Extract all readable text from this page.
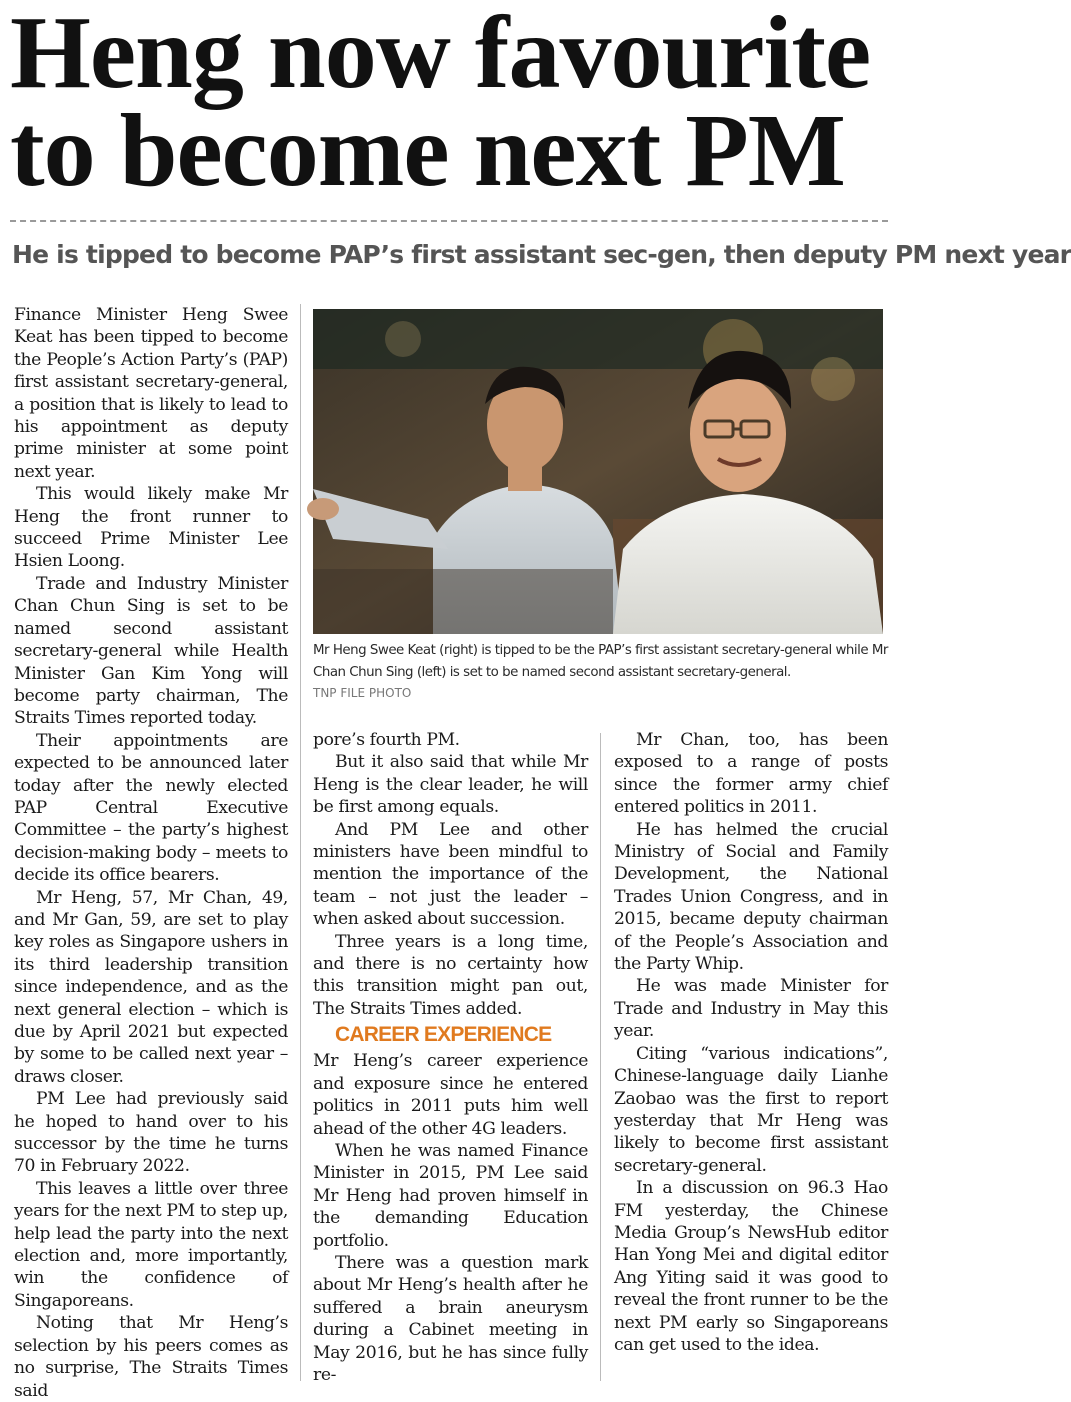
Heng now favourite
to become next PM
He is tipped to become PAP’s first assistant sec-gen, then deputy PM next year

Finance Minister Heng Swee Keat has been tipped to become the People’s Action Party’s (PAP) first assistant secretary-general, a position that is likely to lead to his appointment as deputy prime minister at some point next year.

This would likely make Mr Heng the front runner to succeed Prime Minister Lee Hsien Loong.

Trade and Industry Minister Chan Chun Sing is set to be named second assistant secretary-general while Health Minister Gan Kim Yong will become party chairman, The Straits Times reported today.

Their appointments are expected to be announced later today after the newly elected PAP Central Executive Committee – the party’s highest decision-making body – meets to decide its office bearers.

Mr Heng, 57, Mr Chan, 49, and Mr Gan, 59, are set to play key roles as Singapore ushers in its third leadership transition since independence, and as the next general election – which is due by April 2021 but expected by some to be called next year – draws closer.

PM Lee had previously said he hoped to hand over to his successor by the time he turns 70 in February 2022.

This leaves a little over three years for the next PM to step up, help lead the party into the next election and, more importantly, win the confidence of Singaporeans.

Noting that Mr Heng’s selection by his peers comes as no surprise, The Straits Times said

Mr Heng Swee Keat (right) is tipped to be the PAP’s first assistant secretary-general while Mr Chan Chun Sing (left) is set to be named second assistant secretary-general.
TNP FILE PHOTO

pore’s fourth PM.

But it also said that while Mr Heng is the clear leader, he will be first among equals.

And PM Lee and other ministers have been mindful to mention the importance of the team – not just the leader – when asked about succession.

Three years is a long time, and there is no certainty how this transition might pan out, The Straits Times added.

CAREER EXPERIENCE

Mr Heng’s career experience and exposure since he entered politics in 2011 puts him well ahead of the other 4G leaders.

When he was named Finance Minister in 2015, PM Lee said Mr Heng had proven himself in the demanding Education portfolio.

There was a question mark about Mr Heng’s health after he suffered a brain aneurysm during a Cabinet meeting in May 2016, but he has since fully re-

Mr Chan, too, has been exposed to a range of posts since the former army chief entered politics in 2011.

He has helmed the crucial Ministry of Social and Family Development, the National Trades Union Congress, and in 2015, became deputy chairman of the People’s Association and the Party Whip.

He was made Minister for Trade and Industry in May this year.

Citing “various indications”, Chinese-language daily Lianhe Zaobao was the first to report yesterday that Mr Heng was likely to become first assistant secretary-general.

In a discussion on 96.3 Hao FM yesterday, the Chinese Media Group’s NewsHub editor Han Yong Mei and digital editor Ang Yiting said it was good to reveal the front runner to be the next PM early so Singaporeans can get used to the idea.
